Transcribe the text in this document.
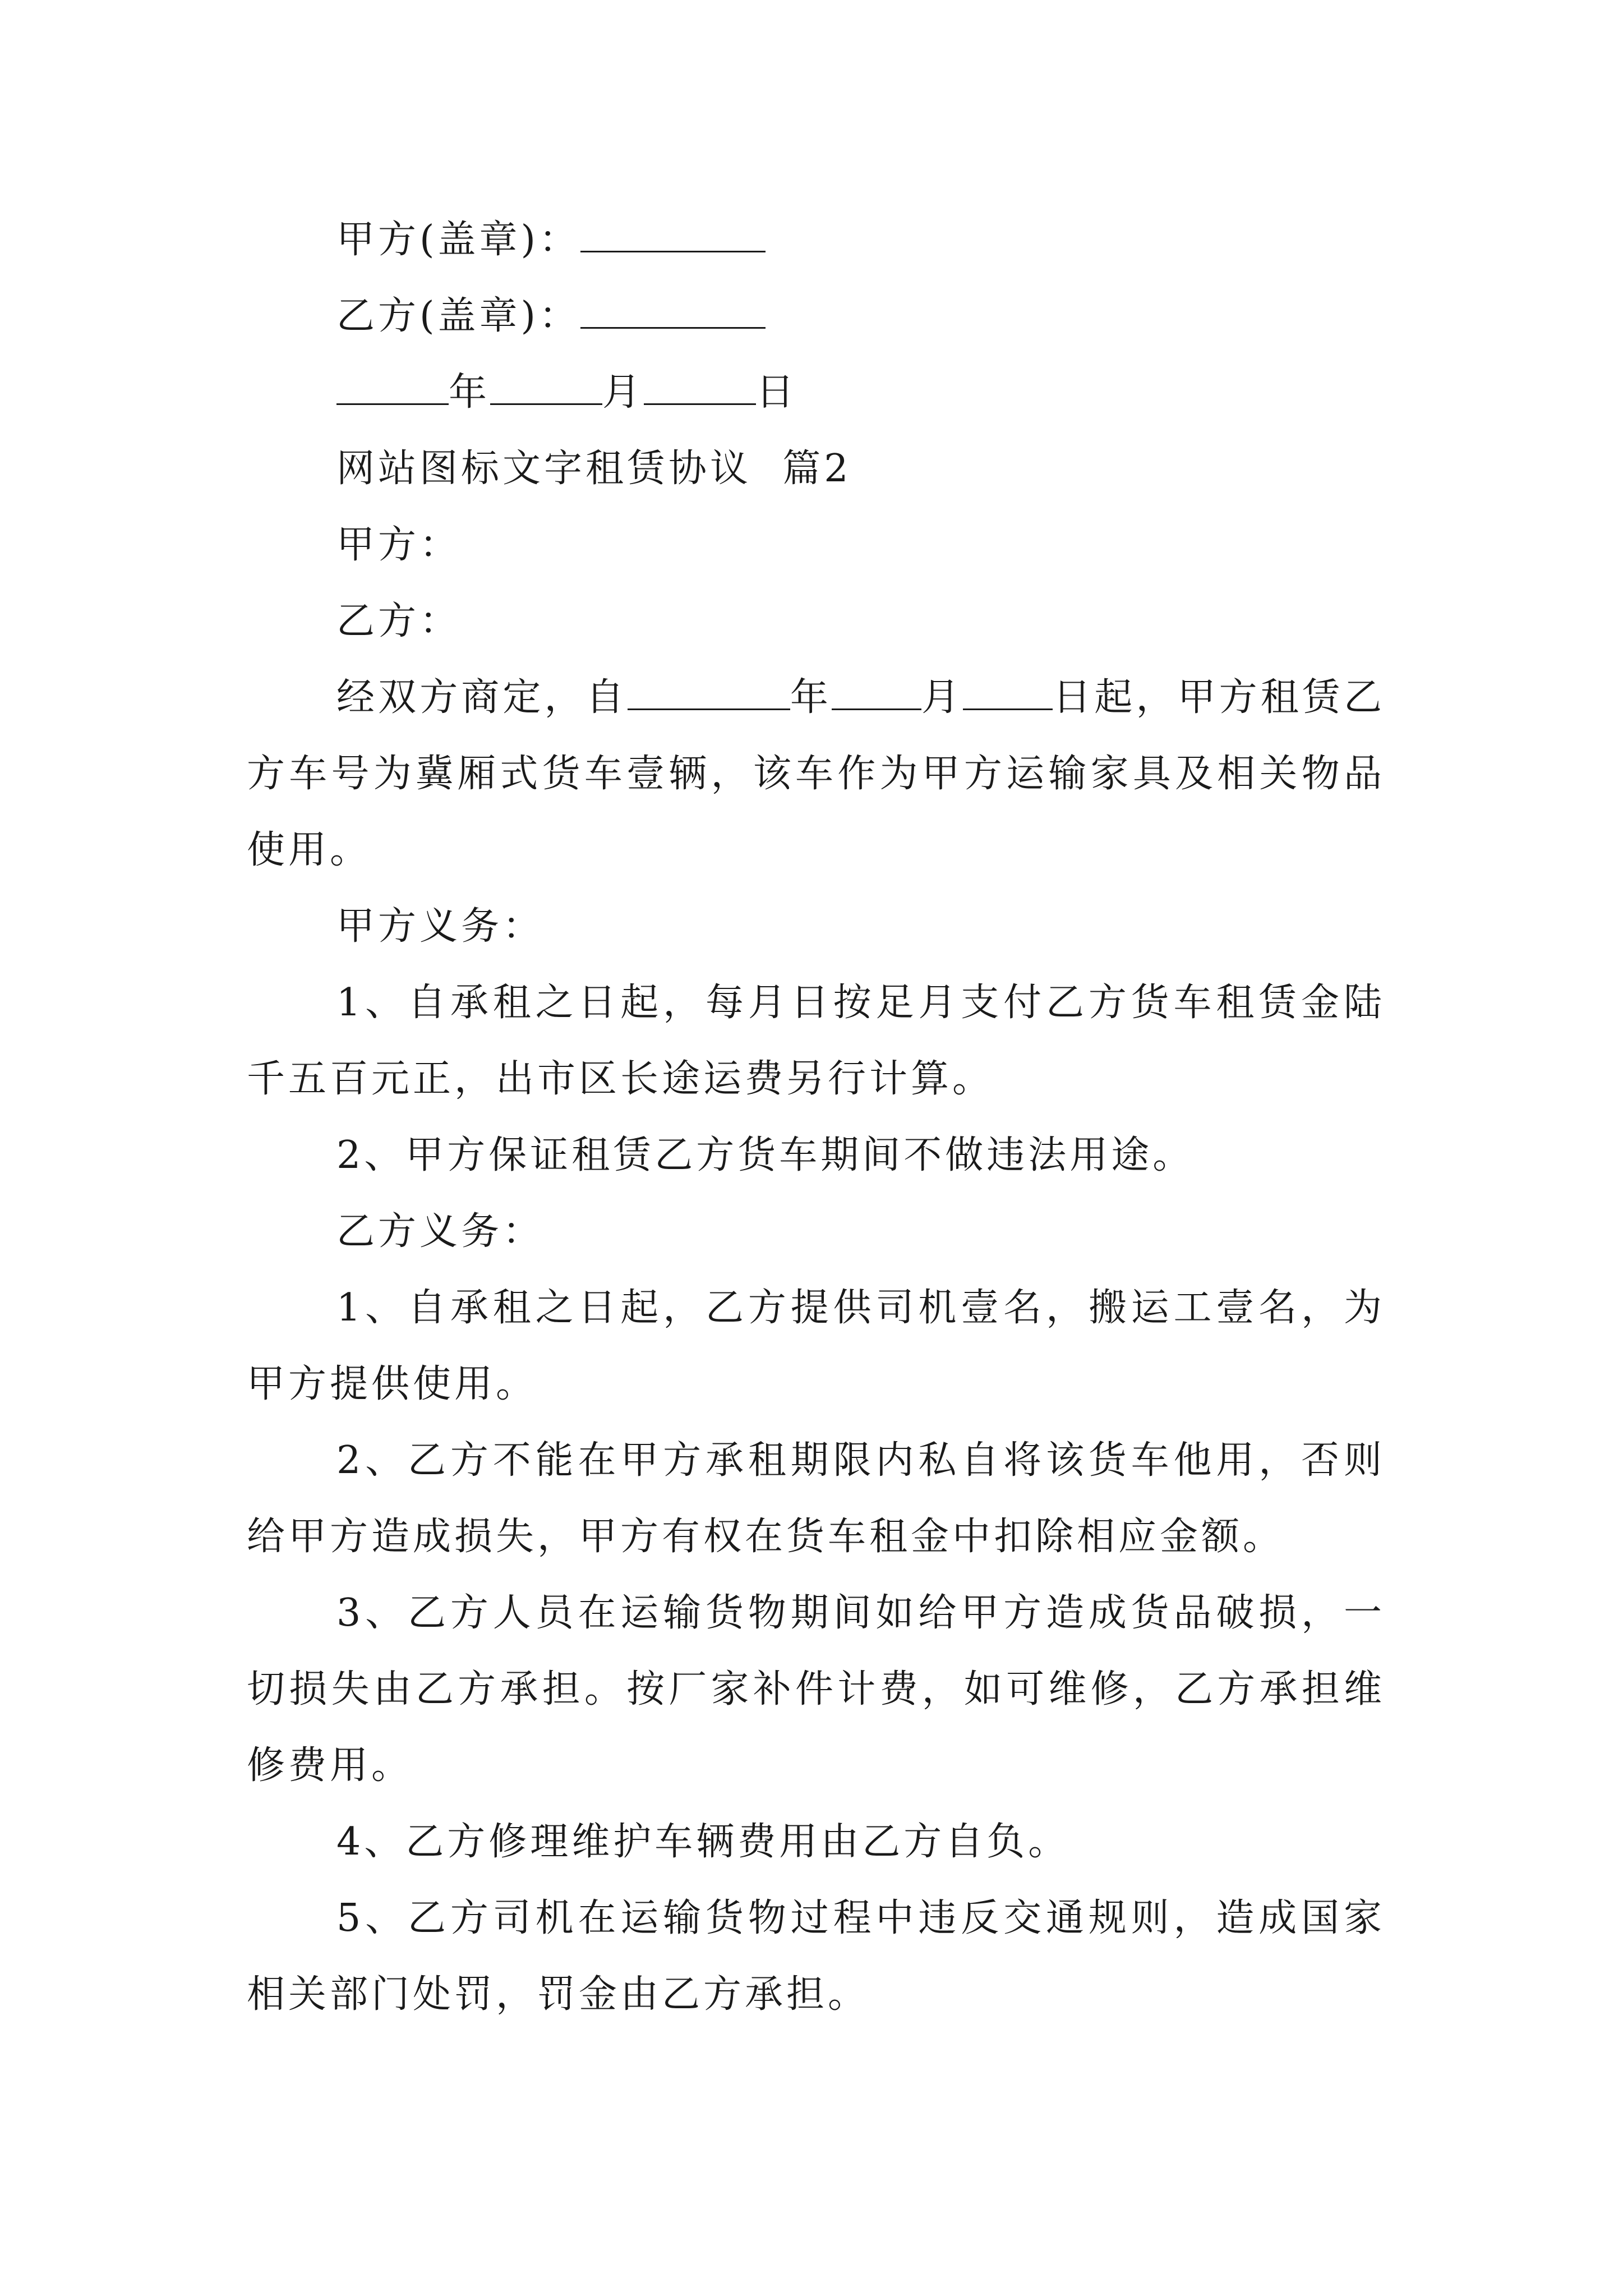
甲方(盖章)：
乙方(盖章)：
年	月	日
网站图标文字租赁协议  篇2
甲方：
乙方：

经双方商定，自	年 月 日起，甲方租赁乙方车号为冀厢式货车壹辆，该车作为甲方运输家具及相关物品使用。

甲方义务：

1、自承租之日起，每月日按足月支付乙方货车租赁金陆千五百元正，出市区长途运费另行计算。

2、甲方保证租赁乙方货车期间不做违法用途。

乙方义务：

1、自承租之日起，乙方提供司机壹名，搬运工壹名，为甲方提供使用。

2、乙方不能在甲方承租期限内私自将该货车他用，否则给甲方造成损失，甲方有权在货车租金中扣除相应金额。

3、乙方人员在运输货物期间如给甲方造成货品破损，一切损失由乙方承担。按厂家补件计费，如可维修，乙方承担维修费用。

4、乙方修理维护车辆费用由乙方自负。

5、乙方司机在运输货物过程中违反交通规则，造成国家相关部门处罚，罚金由乙方承担。
